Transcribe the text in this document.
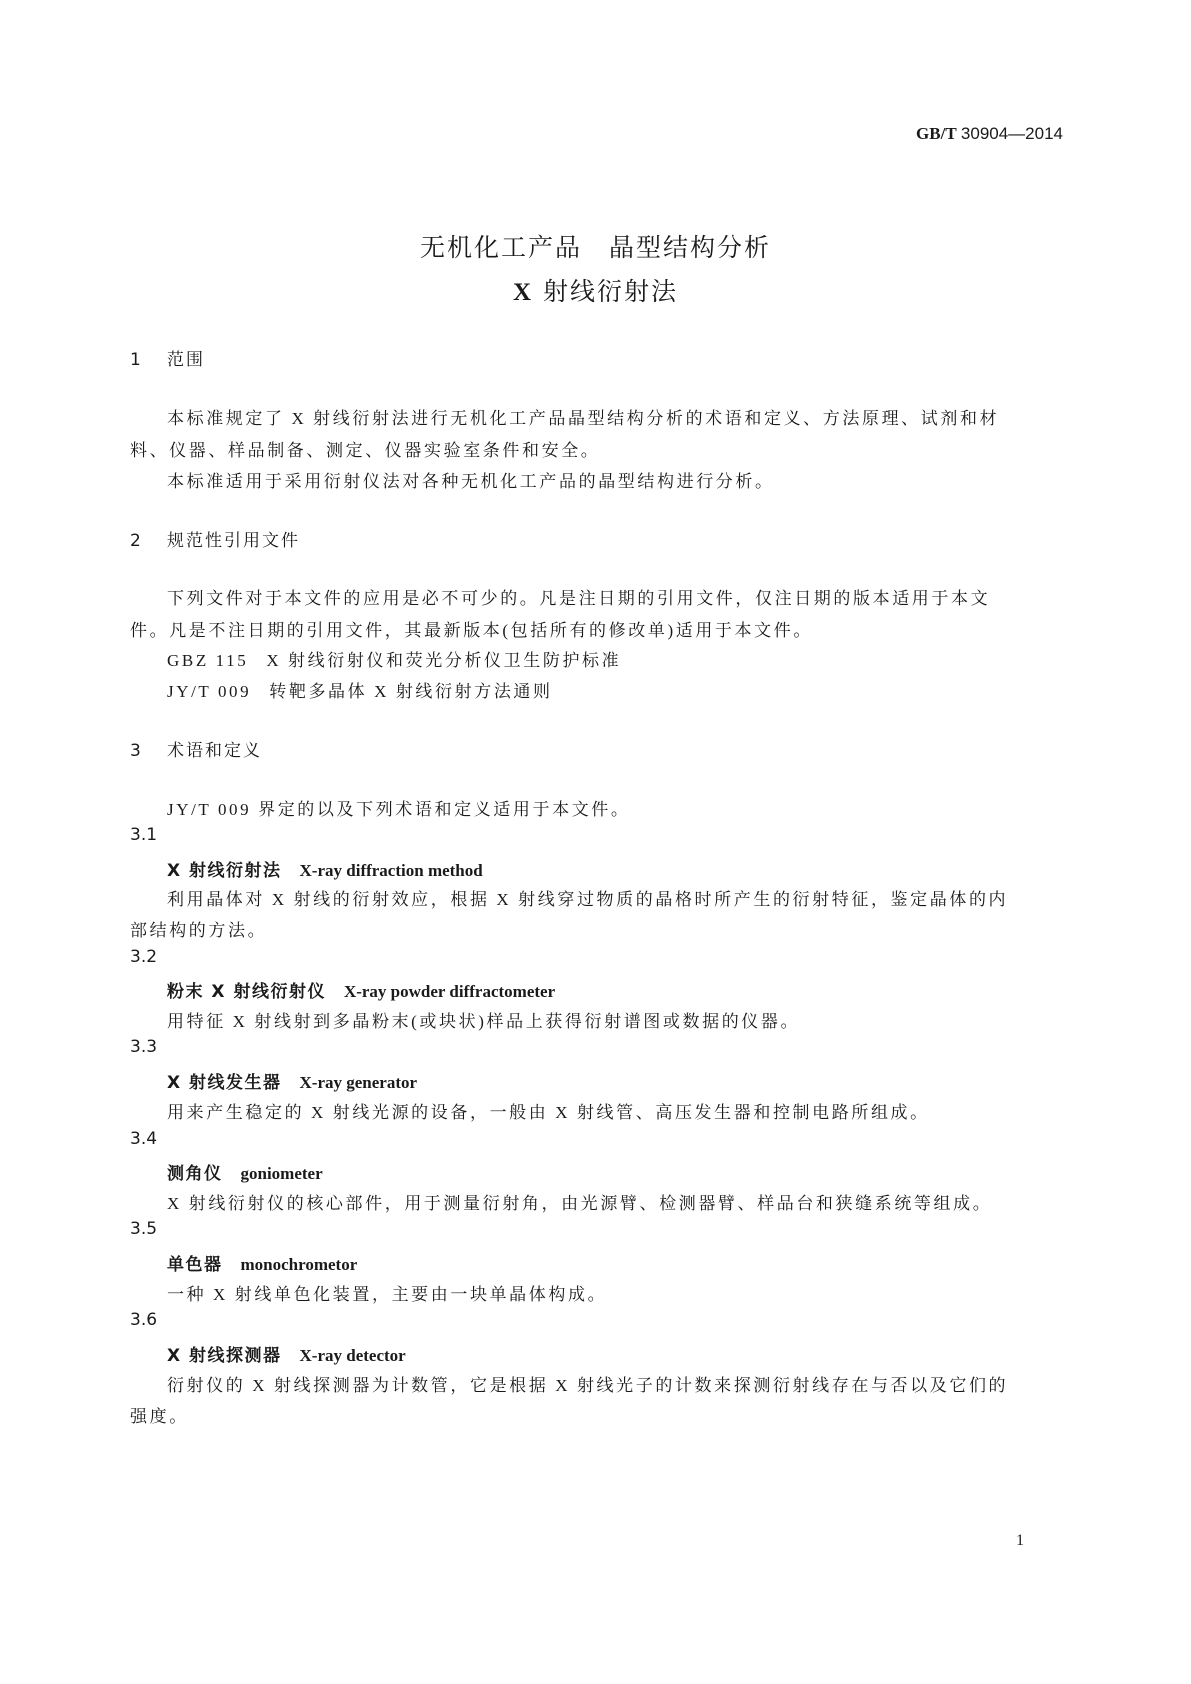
GB/T 30904—2014
无机化工产品　晶型结构分析
X 射线衍射法
1 范围
本标准规定了 X 射线衍射法进行无机化工产品晶型结构分析的术语和定义、方法原理、试剂和材
料、仪器、样品制备、测定、仪器实验室条件和安全。
本标准适用于采用衍射仪法对各种无机化工产品的晶型结构进行分析。
2 规范性引用文件
下列文件对于本文件的应用是必不可少的。凡是注日期的引用文件，仅注日期的版本适用于本文
件。凡是不注日期的引用文件，其最新版本(包括所有的修改单)适用于本文件。
GBZ 115 X 射线衍射仪和荧光分析仪卫生防护标准
JY/T 009 转靶多晶体 X 射线衍射方法通则
3 术语和定义
JY/T 009 界定的以及下列术语和定义适用于本文件。
3.1
X 射线衍射法 X-ray diffraction method
利用晶体对 X 射线的衍射效应，根据 X 射线穿过物质的晶格时所产生的衍射特征，鉴定晶体的内
部结构的方法。
3.2
粉末 X 射线衍射仪 X-ray powder diffractometer
用特征 X 射线射到多晶粉末(或块状)样品上获得衍射谱图或数据的仪器。
3.3
X 射线发生器 X-ray generator
用来产生稳定的 X 射线光源的设备，一般由 X 射线管、高压发生器和控制电路所组成。
3.4
测角仪 goniometer
X 射线衍射仪的核心部件，用于测量衍射角，由光源臂、检测器臂、样品台和狭缝系统等组成。
3.5
单色器 monochrometor
一种 X 射线单色化装置，主要由一块单晶体构成。
3.6
X 射线探测器 X-ray detector
衍射仪的 X 射线探测器为计数管，它是根据 X 射线光子的计数来探测衍射线存在与否以及它们的
强度。
1
